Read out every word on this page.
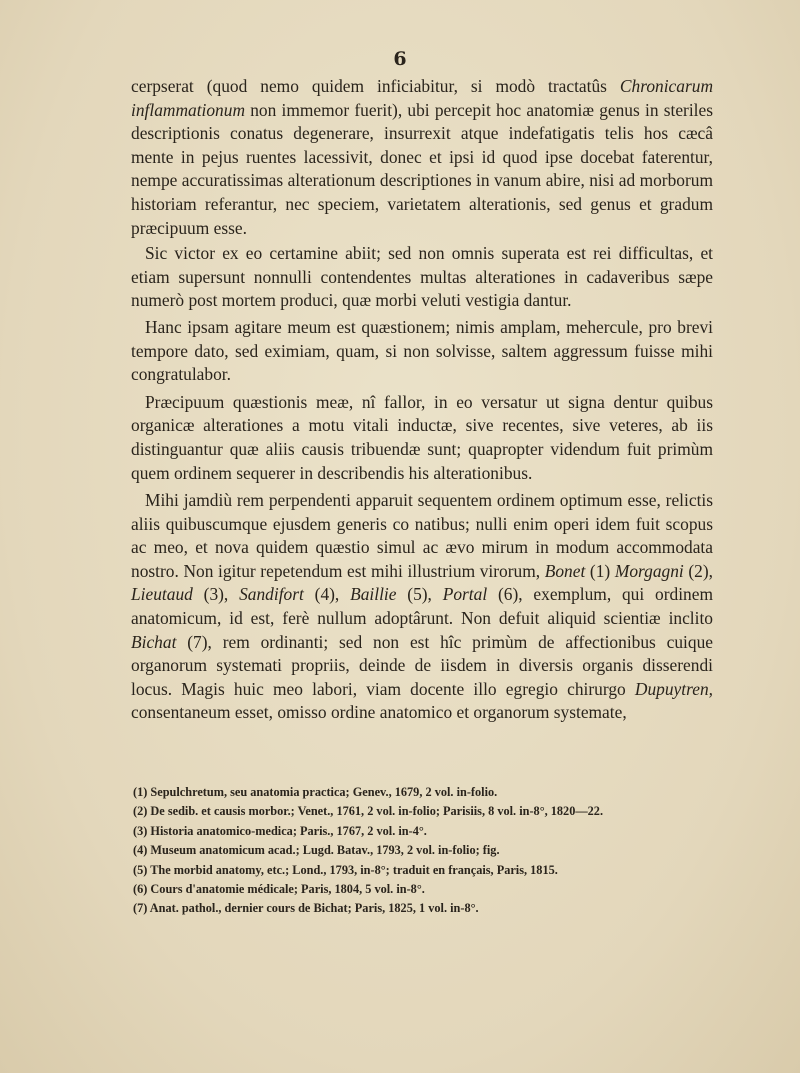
6

cerpserat (quod nemo quidem inficiabitur, si modò tractatûs Chronicarum inflammationum non immemor fuerit), ubi percepit hoc anatomiæ genus in steriles descriptionis conatus degenerare, insurrexit atque indefatigatis telis hos cæcâ mente in pejus ruentes lacessivit, donec et ipsi id quod ipse docebat faterentur, nempe accuratissimas alterationum descriptiones in vanum abire, nisi ad morborum historiam referantur, nec speciem, varietatem alterationis, sed genus et gradum præcipuum esse.

Sic victor ex eo certamine abiit; sed non omnis superata est rei difficultas, et etiam supersunt nonnulli contendentes multas alterationes in cadaveribus sæpe numerò post mortem produci, quæ morbi veluti vestigia dantur.

Hanc ipsam agitare meum est quæstionem; nimis amplam, mehercule, pro brevi tempore dato, sed eximiam, quam, si non solvisse, saltem aggressum fuisse mihi congratulabor.

Præcipuum quæstionis meæ, nî fallor, in eo versatur ut signa dentur quibus organicæ alterationes a motu vitali inductæ, sive recentes, sive veteres, ab iis distinguantur quæ aliis causis tribuendæ sunt; quapropter videndum fuit primùm quem ordinem sequerer in describendis his alterationibus.

Mihi jamdiù rem perpendenti apparuit sequentem ordinem optimum esse, relictis aliis quibuscumque ejusdem generis co natibus; nulli enim operi idem fuit scopus ac meo, et nova quidem quæstio simul ac ævo mirum in modum accommodata nostro. Non igitur repetendum est mihi illustrium virorum, Bonet (1) Morgagni (2), Lieutaud (3), Sandifort (4), Baillie (5), Portal (6), exemplum, qui ordinem anatomicum, id est, ferè nullum adoptârunt. Non defuit aliquid scientiæ inclito Bichat (7), rem ordinanti; sed non est hîc primùm de affectionibus cuique organorum systemati propriis, deinde de iisdem in diversis organis disserendi locus. Magis huic meo labori, viam docente illo egregio chirurgo Dupuytren, consentaneum esset, omisso ordine anatomico et organorum systemate,

(1) Sepulchretum, seu anatomia practica; Genev., 1679, 2 vol. in-folio.
(2) De sedib. et causis morbor.; Venet., 1761, 2 vol. in-folio; Parisiis, 8 vol. in-8°, 1820—22.
(3) Historia anatomico-medica; Paris., 1767, 2 vol. in-4°.
(4) Museum anatomicum acad.; Lugd. Batav., 1793, 2 vol. in-folio; fig.
(5) The morbid anatomy, etc.; Lond., 1793, in-8°; traduit en français, Paris, 1815.
(6) Cours d'anatomie médicale; Paris, 1804, 5 vol. in-8°.
(7) Anat. pathol., dernier cours de Bichat; Paris, 1825, 1 vol. in-8°.
